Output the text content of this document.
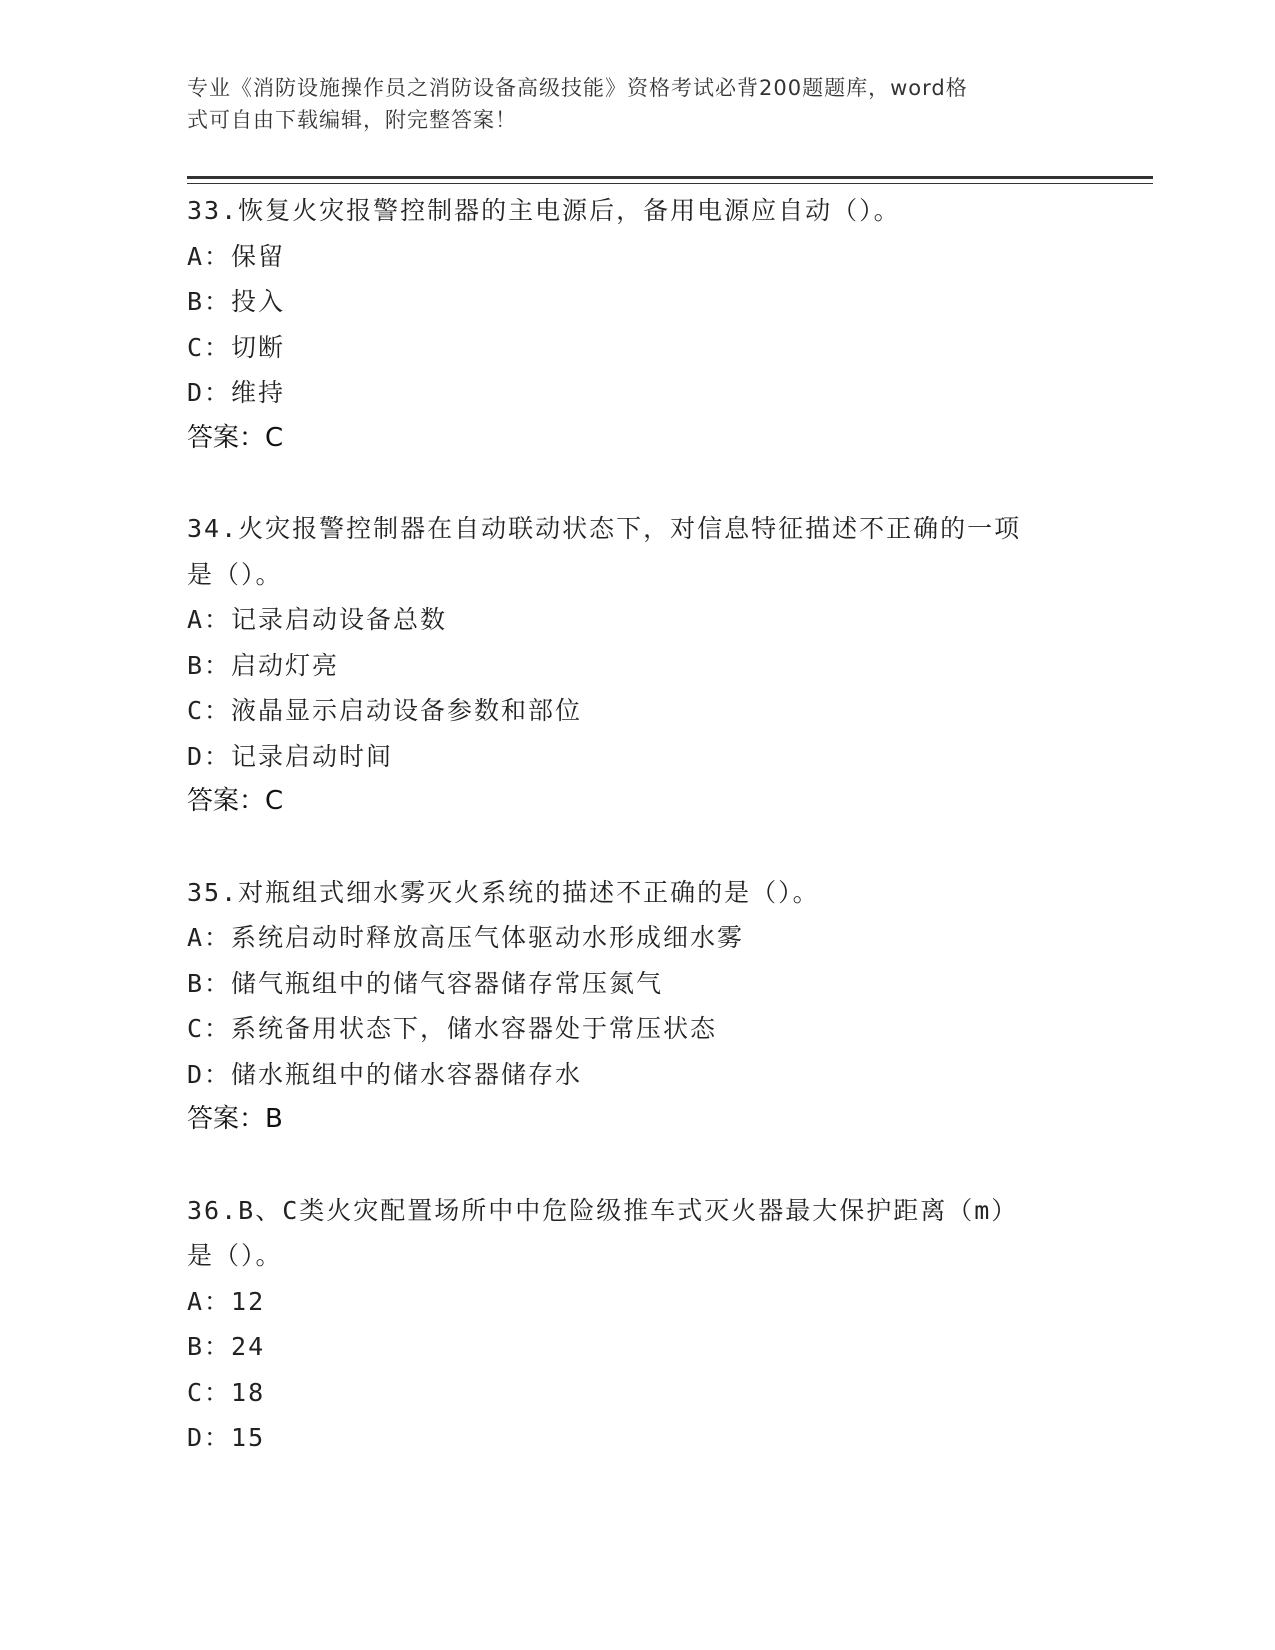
专业《消防设施操作员之消防设备高级技能》资格考试必背200题题库，word格
式可自由下载编辑，附完整答案！
33.恢复火灾报警控制器的主电源后，备用电源应自动（）。
A：保留
B：投入
C：切断
D：维持
答案：C
34.火灾报警控制器在自动联动状态下，对信息特征描述不正确的一项
是（）。
A：记录启动设备总数
B：启动灯亮
C：液晶显示启动设备参数和部位
D：记录启动时间
答案：C
35.对瓶组式细水雾灭火系统的描述不正确的是（）。
A：系统启动时释放高压气体驱动水形成细水雾
B：储气瓶组中的储气容器储存常压氮气
C：系统备用状态下，储水容器处于常压状态
D：储水瓶组中的储水容器储存水
答案：B
36.B、C类火灾配置场所中中危险级推车式灭火器最大保护距离（m）
是（）。
A：12
B：24
C：18
D：15
